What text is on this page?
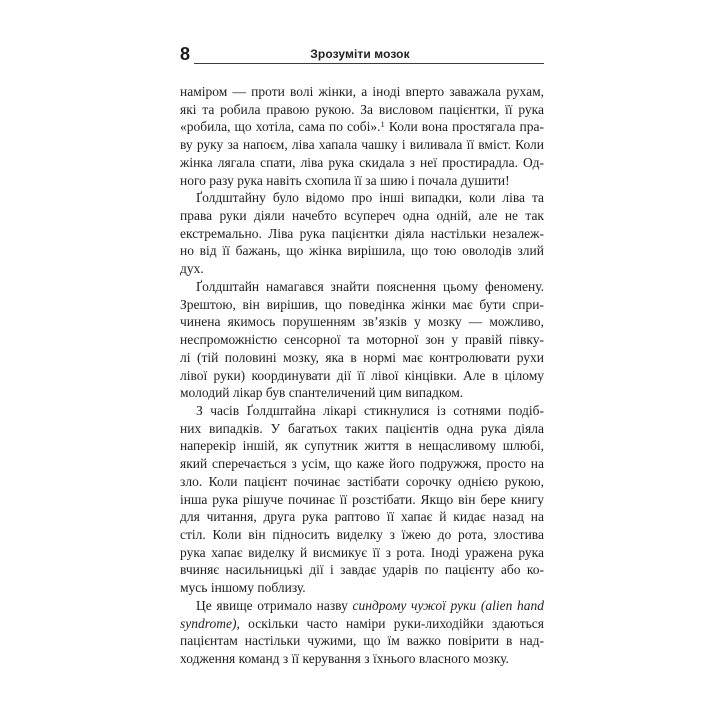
8	Зрозуміти мозок
наміром — проти волі жінки, а іноді вперто заважала рухам,
які та робила правою рукою. За висловом пацієнтки, її рука
«робила, що хотіла, сама по собі».$^1$ Коли вона простягала пра-
ву руку за напоєм, ліва хапала чашку і виливала її вміст. Коли
жінка лягала спати, ліва рука скидала з неї простирадла. Од-
ного разу рука навіть схопила її за шию і почала душити!
Ґолдштайну було відомо про інші випадки, коли ліва та
права руки діяли начебто всупереч одна одній, але не так
екстремально. Ліва рука пацієнтки діяла настільки незалеж-
но від її бажань, що жінка вирішила, що тою оволодів злий
дух.
Ґолдштайн намагався знайти пояснення цьому феномену.
Зрештою, він вирішив, що поведінка жінки має бути спри-
чинена якимось порушенням зв’язків у мозку — можливо,
неспроможністю сенсорної та моторної зон у правій півку-
лі (тій половині мозку, яка в нормі має контролювати рухи
лівої руки) координувати дії її лівої кінцівки. Але в цілому
молодий лікар був спантеличений цим випадком.
З часів Ґолдштайна лікарі стикнулися із сотнями подіб-
них випадків. У багатьох таких пацієнтів одна рука діяла
наперекір іншій, як супутник життя в нещасливому шлюбі,
який сперечається з усім, що каже його подружжя, просто на
зло. Коли пацієнт починає застібати сорочку однією рукою,
інша рука рішуче починає її розстібати. Якщо він бере книгу
для читання, друга рука раптово її хапає й кидає назад на
стіл. Коли він підносить виделку з їжею до рота, злостива
рука хапає виделку й висмикує її з рота. Іноді уражена рука
вчиняє насильницькі дії і завдає ударів по пацієнту або ко-
мусь іншому поблизу.
Це явище отримало назву синдрому чужої руки (alien hand
syndrome), оскільки часто наміри руки-лиходійки здаються
пацієнтам настільки чужими, що їм важко повірити в над-
ходження команд з її керування з їхнього власного мозку.
